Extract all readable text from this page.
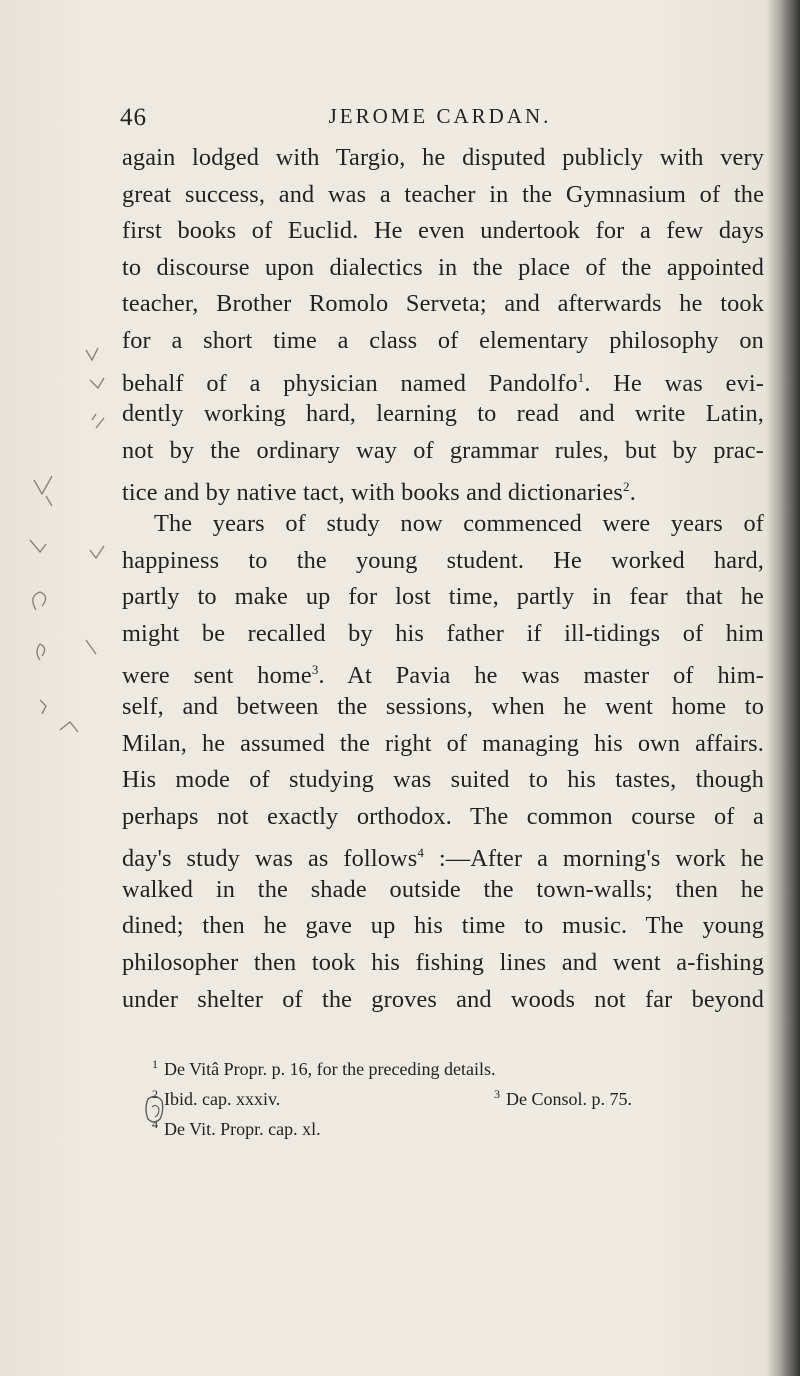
46	JEROME CARDAN.
again lodged with Targio, he disputed publicly with very
great success, and was a teacher in the Gymnasium of the
first books of Euclid. He even undertook for a few days
to discourse upon dialectics in the place of the appointed
teacher, Brother Romolo Serveta; and afterwards he took
for a short time a class of elementary philosophy on
behalf of a physician named Pandolfo$^1$. He was evi-
dently working hard, learning to read and write Latin,
not by the ordinary way of grammar rules, but by prac-
tice and by native tact, with books and dictionaries$^2$.
The years of study now commenced were years of
happiness to the young student. He worked hard,
partly to make up for lost time, partly in fear that he
might be recalled by his father if ill-tidings of him
were sent home$^3$. At Pavia he was master of him-
self, and between the sessions, when he went home to
Milan, he assumed the right of managing his own affairs.
His mode of studying was suited to his tastes, though
perhaps not exactly orthodox. The common course of a
day's study was as follows$^4$ :—After a morning's work he
walked in the shade outside the town-walls; then he
dined; then he gave up his time to music. The young
philosopher then took his fishing lines and went a-fishing
under shelter of the groves and woods not far beyond
$^1$ De Vitâ Propr. p. 16, for the preceding details.
$^2$ Ibid. cap. xxxiv.	$^3$ De Consol. p. 75.
$^4$ De Vit. Propr. cap. xl.
